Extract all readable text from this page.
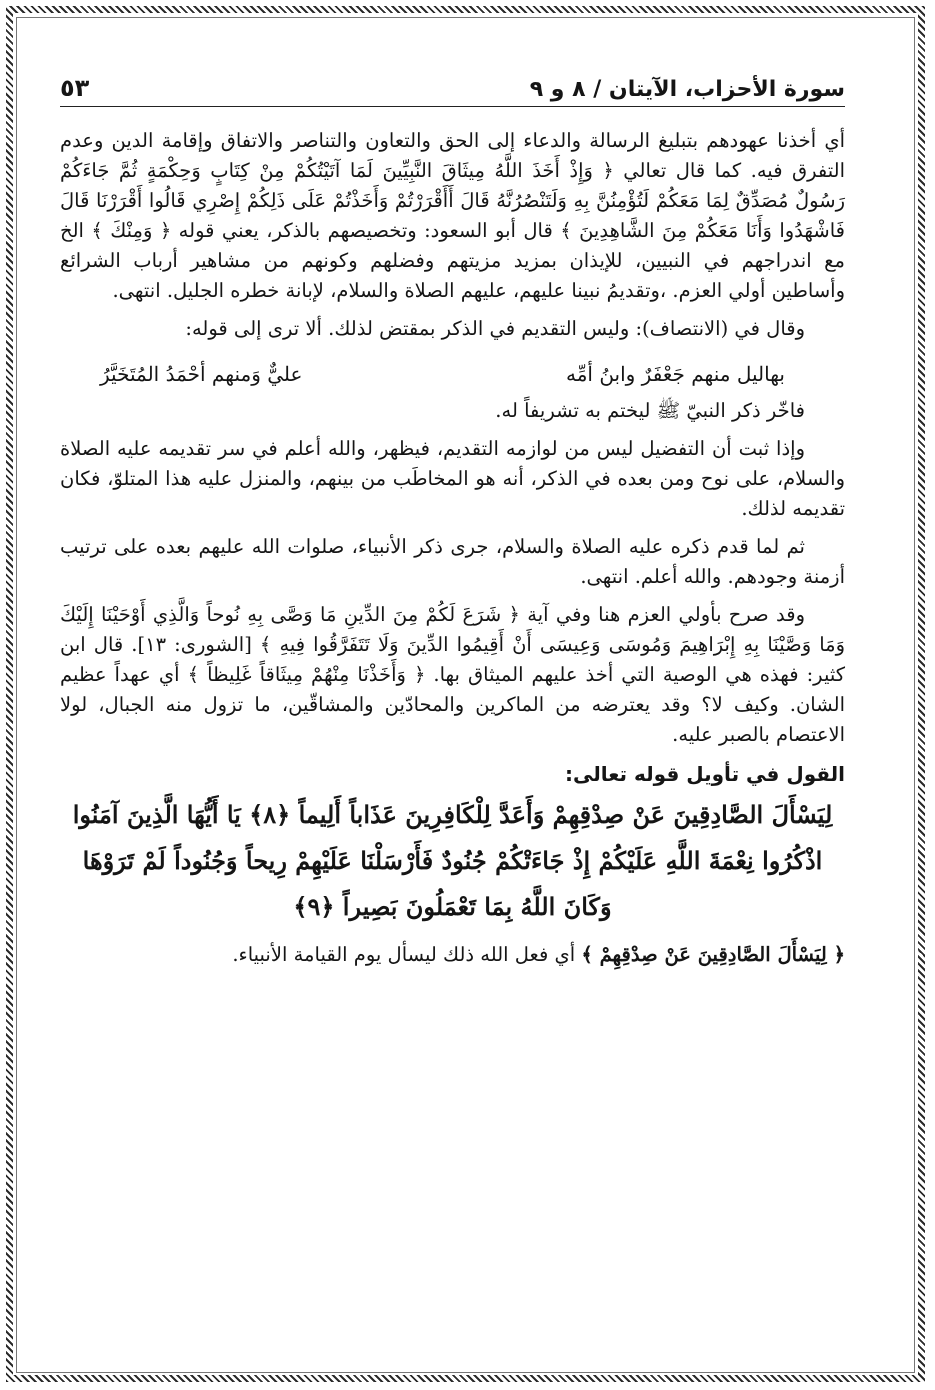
سورة الأحزاب، الآيتان / ٨ و ٩
٥٣

أي أخذنا عهودهم بتبليغ الرسالة والدعاء إلى الحق والتعاون والتناصر والاتفاق وإقامة الدين وعدم التفرق فيه. كما قال تعالي ﴿ وَإِذْ أَخَذَ اللَّهُ مِيثَاقَ النَّبِيِّينَ لَمَا آتَيْتُكُمْ مِنْ كِتَابٍ وَحِكْمَةٍ ثُمَّ جَاءَكُمْ رَسُولٌ مُصَدِّقٌ لِمَا مَعَكُمْ لَتُؤْمِنُنَّ بِهِ وَلَتَنْصُرُنَّهُ قَالَ أَأَقْرَرْتُمْ وَأَخَذْتُمْ عَلَى ذَلِكُمْ إِصْرِي قَالُوا أَقْرَرْنَا قَالَ فَاشْهَدُوا وَأَنَا مَعَكُمْ مِنَ الشَّاهِدِينَ ﴾ قال أبو السعود: وتخصيصهم بالذكر، يعني قوله ﴿ وَمِنْكَ ﴾ الخ مع اندراجهم في النبيين، للإيذان بمزيد مزيتهم وفضلهم وكونهم من مشاهير أرباب الشرائع وأساطين أولي العزم. ،وتقديمُ نبينا عليهم، عليهم الصلاة والسلام، لإبانة خطره الجليل. انتهى.

وقال في (الانتصاف): وليس التقديم في الذكر بمقتض لذلك. ألا ترى إلى قوله:

بهاليل منهم جَعْفَرٌ وابنُ أمِّه
عليٌّ وَمنهم أحْمَدُ المُتَخَيَّرُ

فاخّر ذكر النبيّ ﷺ ليختم به تشريفاً له.

وإذا ثبت أن التفضيل ليس من لوازمه التقديم، فيظهر، والله أعلم في سر تقديمه عليه الصلاة والسلام، على نوح ومن بعده في الذكر، أنه هو المخاطَب من بينهم، والمنزل عليه هذا المتلوّ، فكان تقديمه لذلك.

ثم لما قدم ذكره عليه الصلاة والسلام، جرى ذكر الأنبياء، صلوات الله عليهم بعده على ترتيب أزمنة وجودهم. والله أعلم. انتهى.

وقد صرح بأولي العزم هنا وفي آية ﴿ شَرَعَ لَكُمْ مِنَ الدِّينِ مَا وَصَّى بِهِ نُوحاً وَالَّذِي أَوْحَيْنَا إِلَيْكَ وَمَا وَصَّيْنَا بِهِ إِبْرَاهِيمَ وَمُوسَى وَعِيسَى أَنْ أَقِيمُوا الدِّينَ وَلَا تَتَفَرَّقُوا فِيهِ ﴾ [الشورى: ١٣]. قال ابن كثير: فهذه هي الوصية التي أخذ عليهم الميثاق بها. ﴿ وَأَخَذْنَا مِنْهُمْ مِيثَاقاً غَلِيظاً ﴾ أي عهداً عظيم الشان. وكيف لا؟ وقد يعترضه من الماكرين والمحادّين والمشاقّين، ما تزول منه الجبال، لولا الاعتصام بالصبر عليه.

القول في تأويل قوله تعالى:
لِيَسْأَلَ الصَّادِقِينَ عَنْ صِدْقِهِمْ وَأَعَدَّ لِلْكَافِرِينَ عَذَاباً أَلِيماً ﴿٨﴾ يَا أَيُّهَا الَّذِينَ آمَنُوا
اذْكُرُوا نِعْمَةَ اللَّهِ عَلَيْكُمْ إِذْ جَاءَتْكُمْ جُنُودٌ فَأَرْسَلْنَا عَلَيْهِمْ رِيحاً وَجُنُوداً لَمْ تَرَوْهَا
وَكَانَ اللَّهُ بِمَا تَعْمَلُونَ بَصِيراً ﴿٩﴾

﴿ لِيَسْأَلَ الصَّادِقِينَ عَنْ صِدْقِهِمْ ﴾ أي فعل الله ذلك ليسأل يوم القيامة الأنبياء.
